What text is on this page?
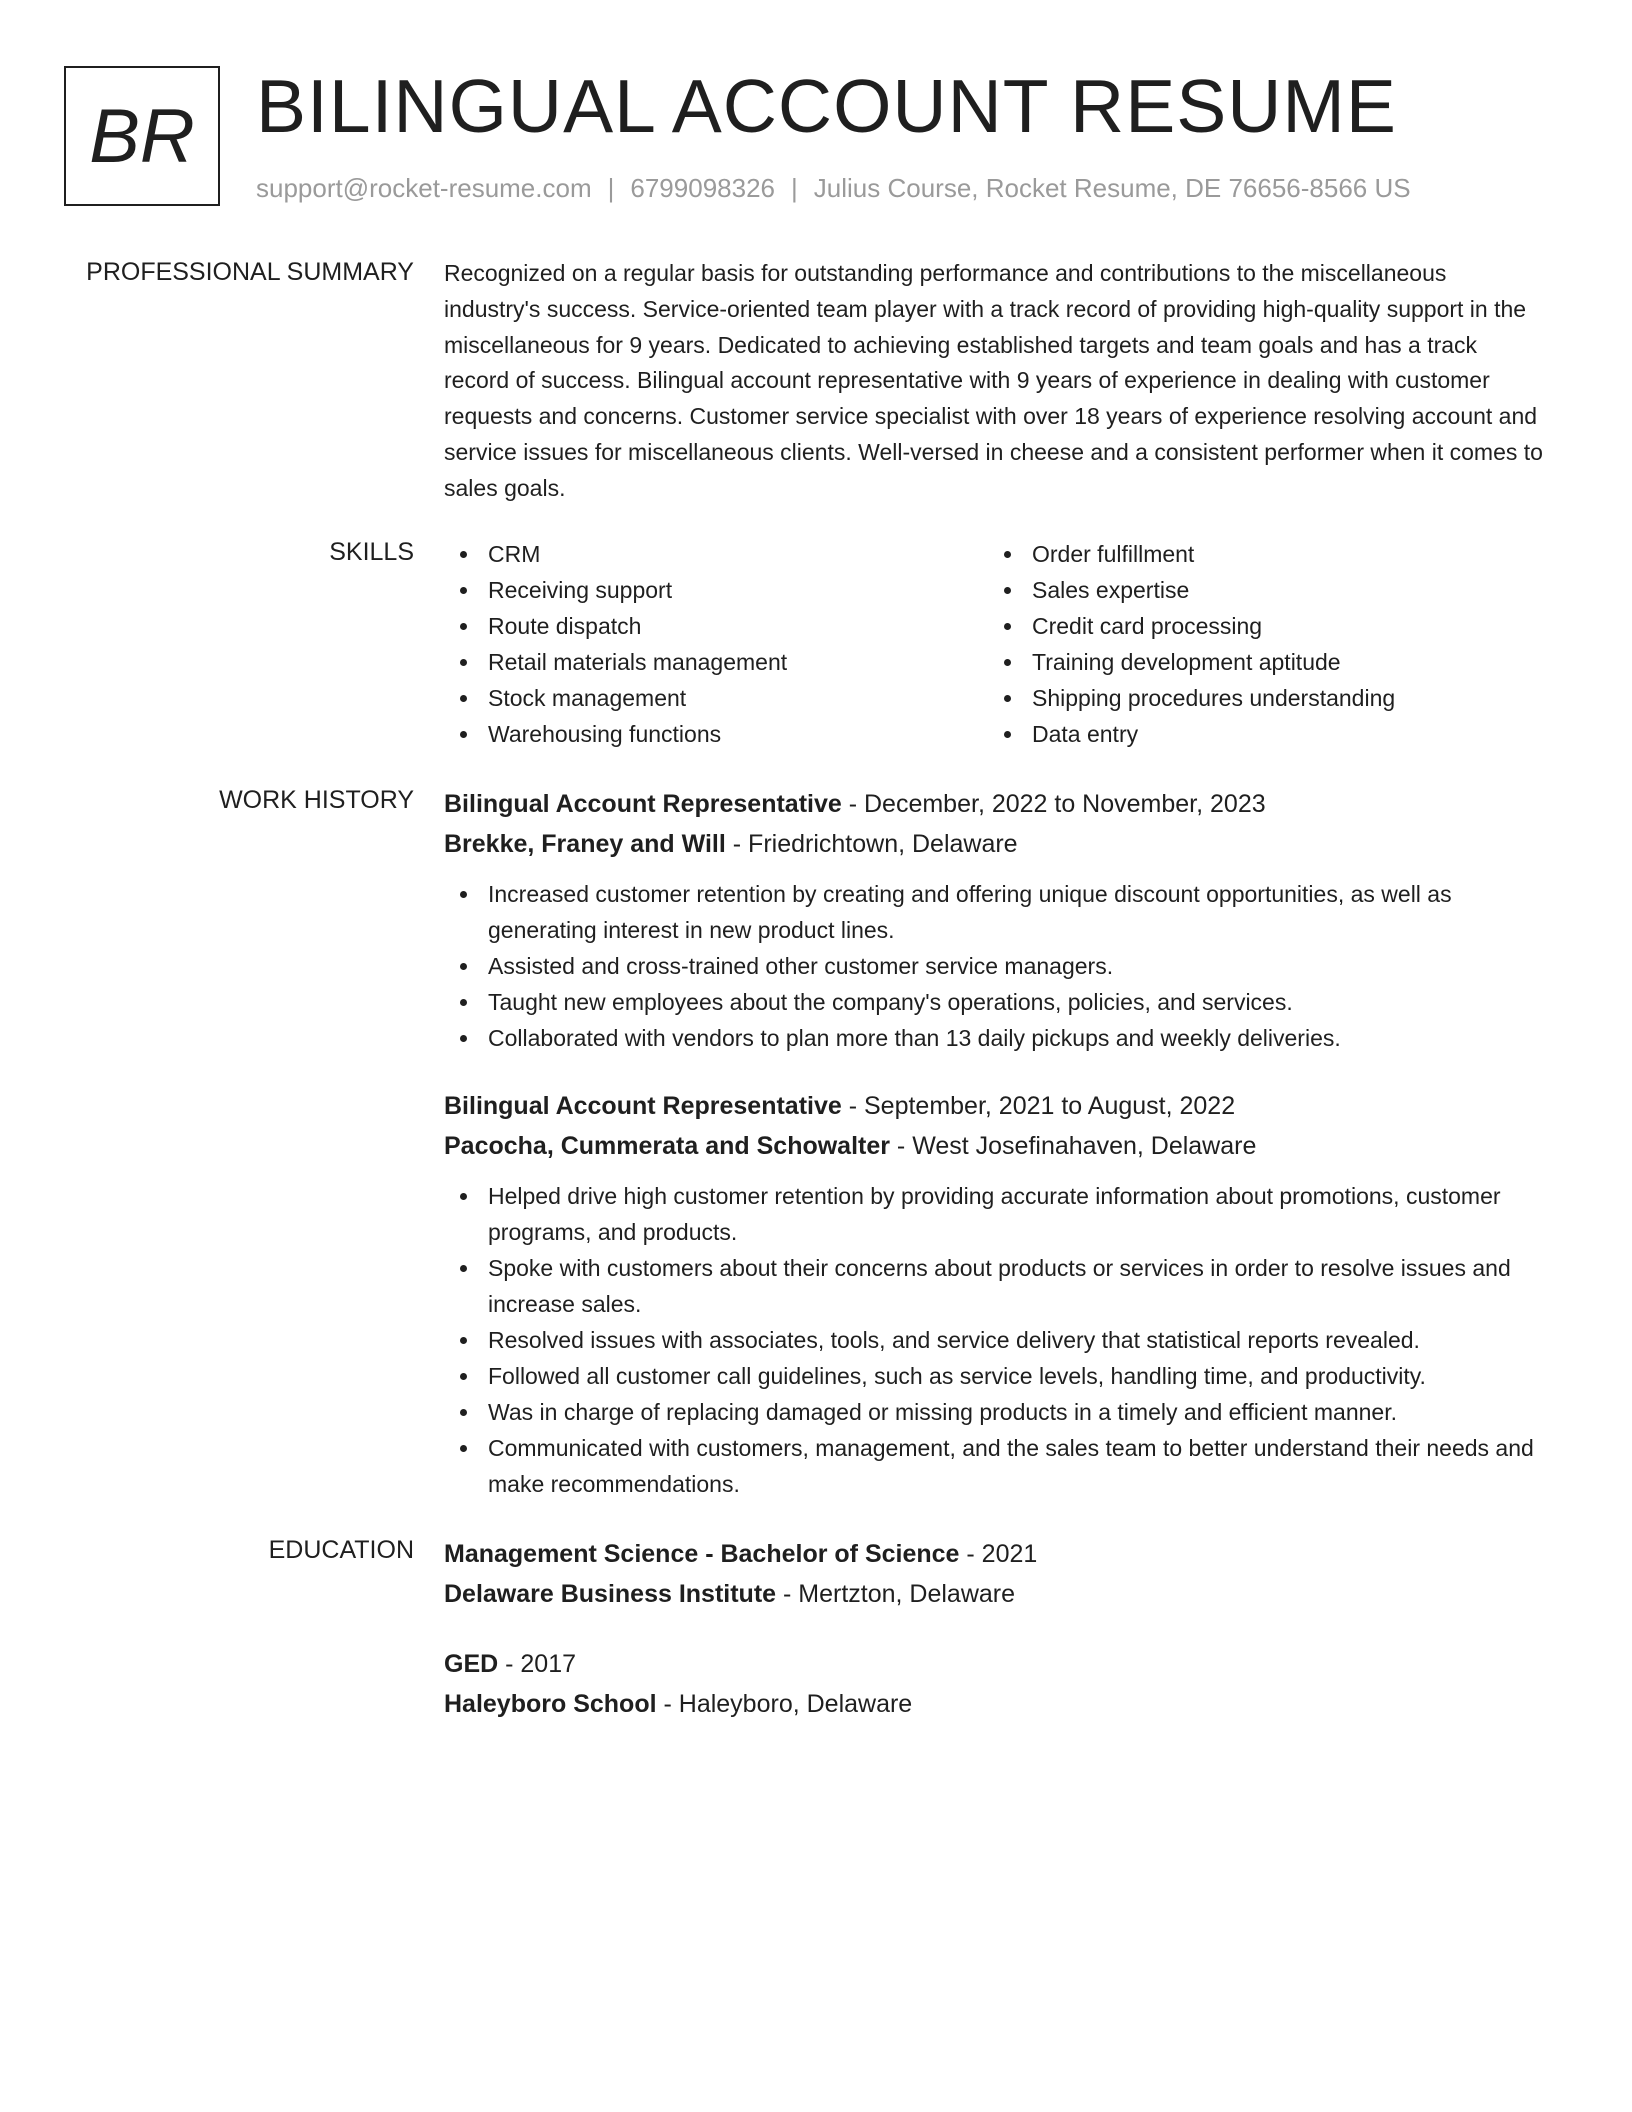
BR BILINGUAL ACCOUNT RESUME
support@rocket-resume.com | 6799098326 | Julius Course, Rocket Resume, DE 76656-8566 US
PROFESSIONAL SUMMARY Recognized on a regular basis for outstanding performance and contributions to the miscellaneous industry's success. Service-oriented team player with a track record of providing high-quality support in the miscellaneous for 9 years. Dedicated to achieving established targets and team goals and has a track record of success. Bilingual account representative with 9 years of experience in dealing with customer requests and concerns. Customer service specialist with over 18 years of experience resolving account and service issues for miscellaneous clients. Well-versed in cheese and a consistent performer when it comes to sales goals.

SKILLS	CRM
Receiving support
Route dispatch
Retail materials management
Stock management
Warehousing functions
Order fulfillment
Sales expertise
Credit card processing
Training development aptitude
Shipping procedures understanding
Data entry
WORK HISTORY Bilingual Account Representative - December, 2022 to November, 2023
Brekke, Franey and Will - Friedrichtown, Delaware
Increased customer retention by creating and offering unique discount opportunities, as well as generating interest in new product lines.
Assisted and cross-trained other customer service managers.
Taught new employees about the company's operations, policies, and services.
Collaborated with vendors to plan more than 13 daily pickups and weekly deliveries.
Bilingual Account Representative - September, 2021 to August, 2022
Pacocha, Cummerata and Schowalter - West Josefinahaven, Delaware
Helped drive high customer retention by providing accurate information about promotions, customer programs, and products.
Spoke with customers about their concerns about products or services in order to resolve issues and increase sales.
Resolved issues with associates, tools, and service delivery that statistical reports revealed.
Followed all customer call guidelines, such as service levels, handling time, and productivity.
Was in charge of replacing damaged or missing products in a timely and efficient manner.
Communicated with customers, management, and the sales team to better understand their needs and make recommendations.
EDUCATION Management Science - Bachelor of Science - 2021
Delaware Business Institute - Mertzton, Delaware
GED - 2017
Haleyboro School - Haleyboro, Delaware
